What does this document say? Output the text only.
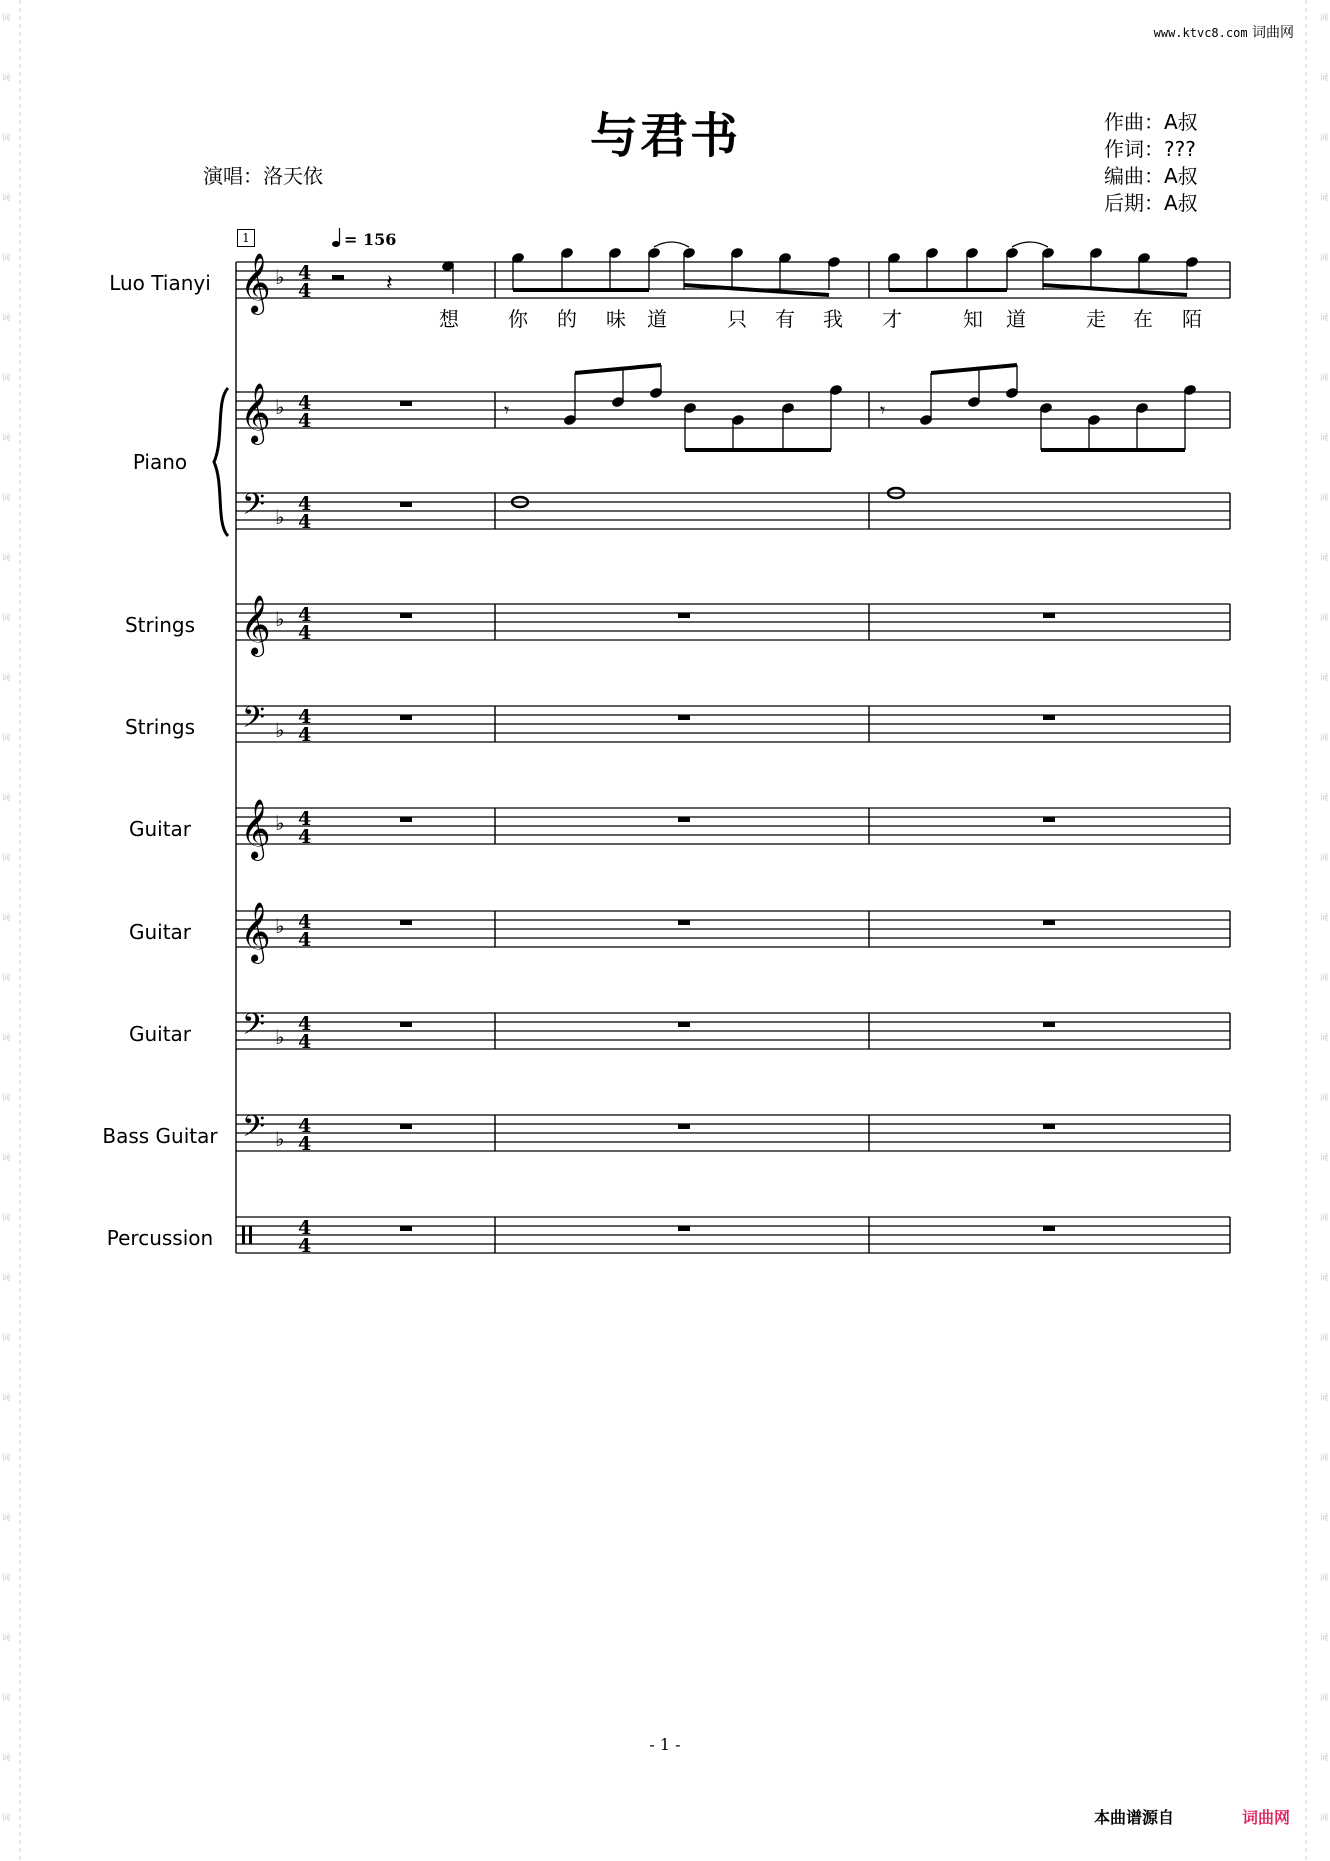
词
词
词
词
词
词
词
词
词
词
词
词
词
词
词
词
词
词
词
词
词
词
词
词
词
词
词
词
词
词
词
词
词
词
词
词
词
词
词
词
词
词
词
词
词
词
词
词
词
词
词
词
词
词
词
词
词
词
词
词
词
词
www.ktvc8.com 词曲网
与君书
演唱：洛天依
作曲：A叔
作词：???
编曲：A叔
后期：A叔
1	= 156
Luo Tianyi
Piano
Strings
Strings
Guitar
Guitar
Guitar
Bass Guitar
Percussion
想 你 的 味 道	只 有 我 才	知 道	走 在 陌
𝄞 ♭ 4
4	𝄽
𝄞 ♭ 4
4
𝄢 ♭
4
4
𝄞 ♭ 4
4
𝄢 ♭
4
4
𝄞 ♭ 4
4
𝄞 ♭ 4
4
𝄢 ♭
4
4
𝄢 ♭
4
4
4
4
𝄾	𝄾
- 1 -
本曲谱源自	词曲网
